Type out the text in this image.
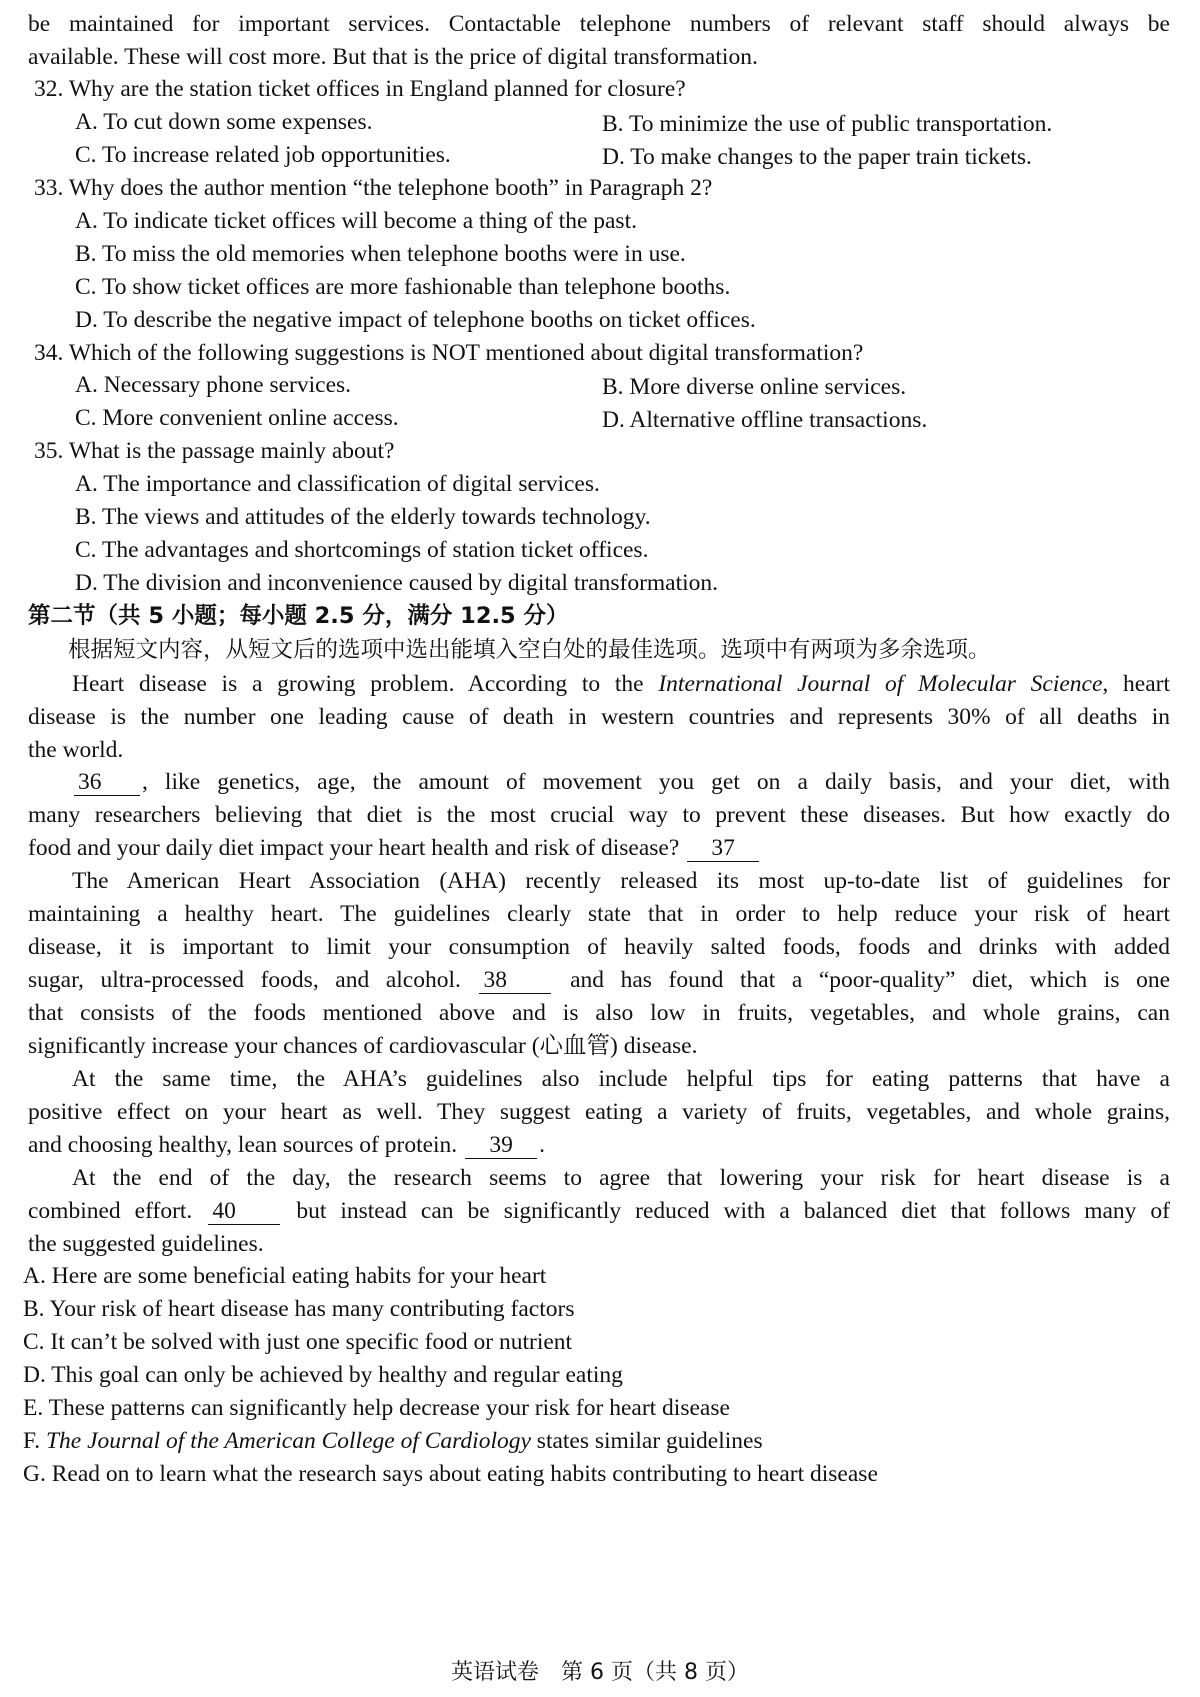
be maintained for important services. Contactable telephone numbers of relevant staff should always be
available. These will cost more. But that is the price of digital transformation.
32. Why are the station ticket offices in England planned for closure?
A. To cut down some expenses.	B. To minimize the use of public transportation.
C. To increase related job opportunities.	D. To make changes to the paper train tickets.
33. Why does the author mention “the telephone booth” in Paragraph 2?
A. To indicate ticket offices will become a thing of the past.
B. To miss the old memories when telephone booths were in use.
C. To show ticket offices are more fashionable than telephone booths.
D. To describe the negative impact of telephone booths on ticket offices.
34. Which of the following suggestions is NOT mentioned about digital transformation?
A. Necessary phone services.	B. More diverse online services.
C. More convenient online access.	D. Alternative offline transactions.
35. What is the passage mainly about?
A. The importance and classification of digital services.
B. The views and attitudes of the elderly towards technology.
C. The advantages and shortcomings of station ticket offices.
D. The division and inconvenience caused by digital transformation.
第二节（共 5 小题；每小题 2.5 分，满分 12.5 分）
根据短文内容，从短文后的选项中选出能填入空白处的最佳选项。选项中有两项为多余选项。
Heart disease is a growing problem. According to the International Journal of Molecular Science, heart
disease is the number one leading cause of death in western countries and represents 30% of all deaths in
the world.
36 , like genetics, age, the amount of movement you get on a daily basis, and your diet, with
many researchers believing that diet is the most crucial way to prevent these diseases. But how exactly do
food and your daily diet impact your heart health and risk of disease? 37
The American Heart Association (AHA) recently released its most up-to-date list of guidelines for
maintaining a healthy heart. The guidelines clearly state that in order to help reduce your risk of heart
disease, it is important to limit your consumption of heavily salted foods, foods and drinks with added
sugar, ultra-processed foods, and alcohol. 38	and has found that a “poor-quality” diet, which is one
that consists of the foods mentioned above and is also low in fruits, vegetables, and whole grains, can
significantly increase your chances of cardiovascular (心血管) disease.
At the same time, the AHA’s guidelines also include helpful tips for eating patterns that have a
positive effect on your heart as well. They suggest eating a variety of fruits, vegetables, and whole grains,
and choosing healthy, lean sources of protein. 39 .
At the end of the day, the research seems to agree that lowering your risk for heart disease is a
combined effort. 40	but instead can be significantly reduced with a balanced diet that follows many of
the suggested guidelines.
A. Here are some beneficial eating habits for your heart
B. Your risk of heart disease has many contributing factors
C. It can’t be solved with just one specific food or nutrient
D. This goal can only be achieved by healthy and regular eating
E. These patterns can significantly help decrease your risk for heart disease
F. The Journal of the American College of Cardiology states similar guidelines
G. Read on to learn what the research says about eating habits contributing to heart disease
英语试卷　第 6 页（共 8 页）
